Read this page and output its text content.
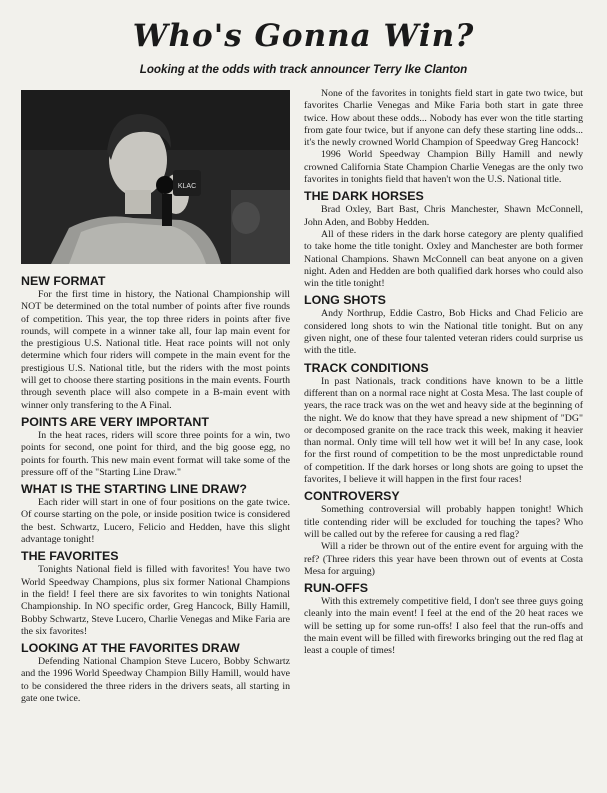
Who's Gonna Win?
Looking at the odds with track announcer Terry Ike Clanton
KLAC
NEW FORMAT

For the first time in history, the National Championship will NOT be determined on the total number of points after five rounds of competition. This year, the top three riders in points after five rounds, will compete in a winner take all, four lap main event for the prestigious U.S. National title. Heat race points will not only determine which four riders will compete in the main event for the prestigious U.S. National title, but the riders with the most points will get to choose there starting positions in the main events. Fourth through seventh place will also compete in a B-main event with winner only transfering to the A Final.

POINTS ARE VERY IMPORTANT

In the heat races, riders will score three points for a win, two points for second, one point for third, and the big goose egg, no points for fourth. This new main event format will take some of the pressure off of the "Starting Line Draw."

WHAT IS THE STARTING LINE DRAW?

Each rider will start in one of four positions on the gate twice. Of course starting on the pole, or inside position twice is considered the best. Schwartz, Lucero, Felicio and Hedden, have this slight advantage tonight!

THE FAVORITES

Tonights National field is filled with favorites! You have two World Speedway Champions, plus six former National Champions in the field! I feel there are six favorites to win tonights National Championship. In NO specific order, Greg Hancock, Billy Hamill, Bobby Schwartz, Steve Lucero, Charlie Venegas and Mike Faria are the six favorites!

LOOKING AT THE FAVORITES DRAW

Defending National Champion Steve Lucero, Bobby Schwartz and the 1996 World Speedway Champion Billy Hamill, would have to be considered the three riders in the drivers seats, all starting in gate one twice.

None of the favorites in tonights field start in gate two twice, but favorites Charlie Venegas and Mike Faria both start in gate three twice. How about these odds... Nobody has ever won the title starting from gate four twice, but if anyone can defy these starting line odds... it's the newly crowned World Champion of Speedway Greg Hancock!

1996 World Speedway Champion Billy Hamill and newly crowned California State Champion Charlie Venegas are the only two favorites in tonights field that haven't won the U.S. National title.

THE DARK HORSES

Brad Oxley, Bart Bast, Chris Manchester, Shawn McConnell, John Aden, and Bobby Hedden.

All of these riders in the dark horse category are plenty qualified to take home the title tonight. Oxley and Manchester are both former National Champions. Shawn McConnell can beat anyone on a given night. Aden and Hedden are both qualified dark horses who could also win the title tonight!

LONG SHOTS

Andy Northrup, Eddie Castro, Bob Hicks and Chad Felicio are considered long shots to win the National title tonight. But on any given night, one of these four talented veteran riders could surprise us with the title.

TRACK CONDITIONS

In past Nationals, track conditions have known to be a little different than on a normal race night at Costa Mesa. The last couple of years, the race track was on the wet and heavy side at the beginning of the night. We do know that they have spread a new shipment of "DG" or decomposed granite on the race track this week, making it heavier than normal. Only time will tell how wet it will be! In any case, look for the first round of competition to be the most unpredictable round of competition. If the dark horses or long shots are going to upset the favorites, I believe it will happen in the first four races!

CONTROVERSY

Something controversial will probably happen tonight! Which title contending rider will be excluded for touching the tapes? Who will be called out by the referee for causing a red flag?

Will a rider be thrown out of the entire event for arguing with the ref? (Three riders this year have been thrown out of events at Costa Mesa for arguing)

RUN-OFFS

With this extremely competitive field, I don't see three guys going cleanly into the main event! I feel at the end of the 20 heat races we will be setting up for some run-offs! I also feel that the run-offs and the main event will be filled with fireworks bringing out the red flag at least a couple of times!
